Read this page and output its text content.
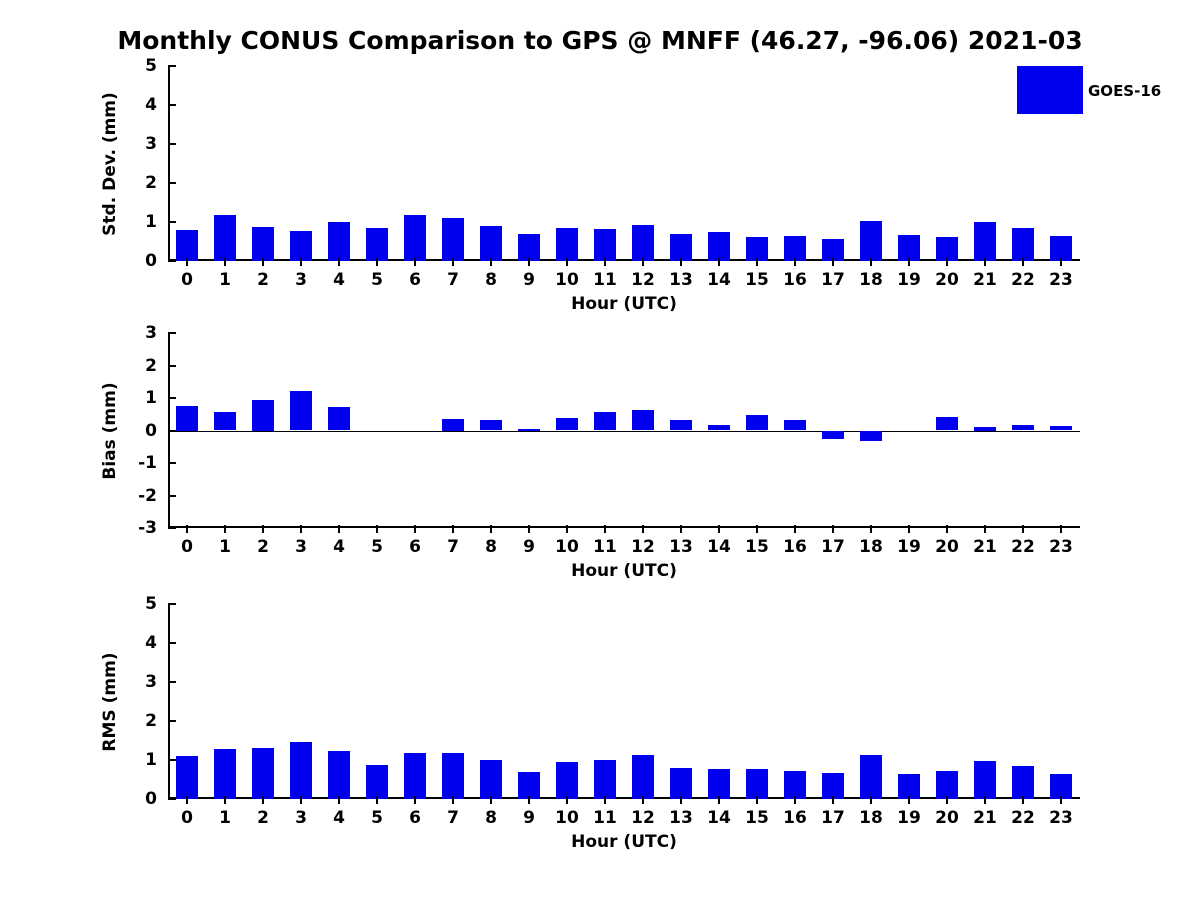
Monthly CONUS Comparison to GPS @ MNFF (46.27, -96.06) 2021-03
GOES-16
0
1
2
3
4
5
0 1 2 3 4 5 6 7 8 9 10 11 12 13 14 15 16 17 18 19 20 21 22 23
Hour (UTC)
Std. Dev. (mm)
-3
-2
-1
0
1
2
3
0 1 2 3 4 5 6 7 8 9 10 11 12 13 14 15 16 17 18 19 20 21 22 23
Hour (UTC)
Bias (mm)
0
1
2
3
4
5
0 1 2 3 4 5 6 7 8 9 10 11 12 13 14 15 16 17 18 19 20 21 22 23
Hour (UTC)
RMS (mm)
